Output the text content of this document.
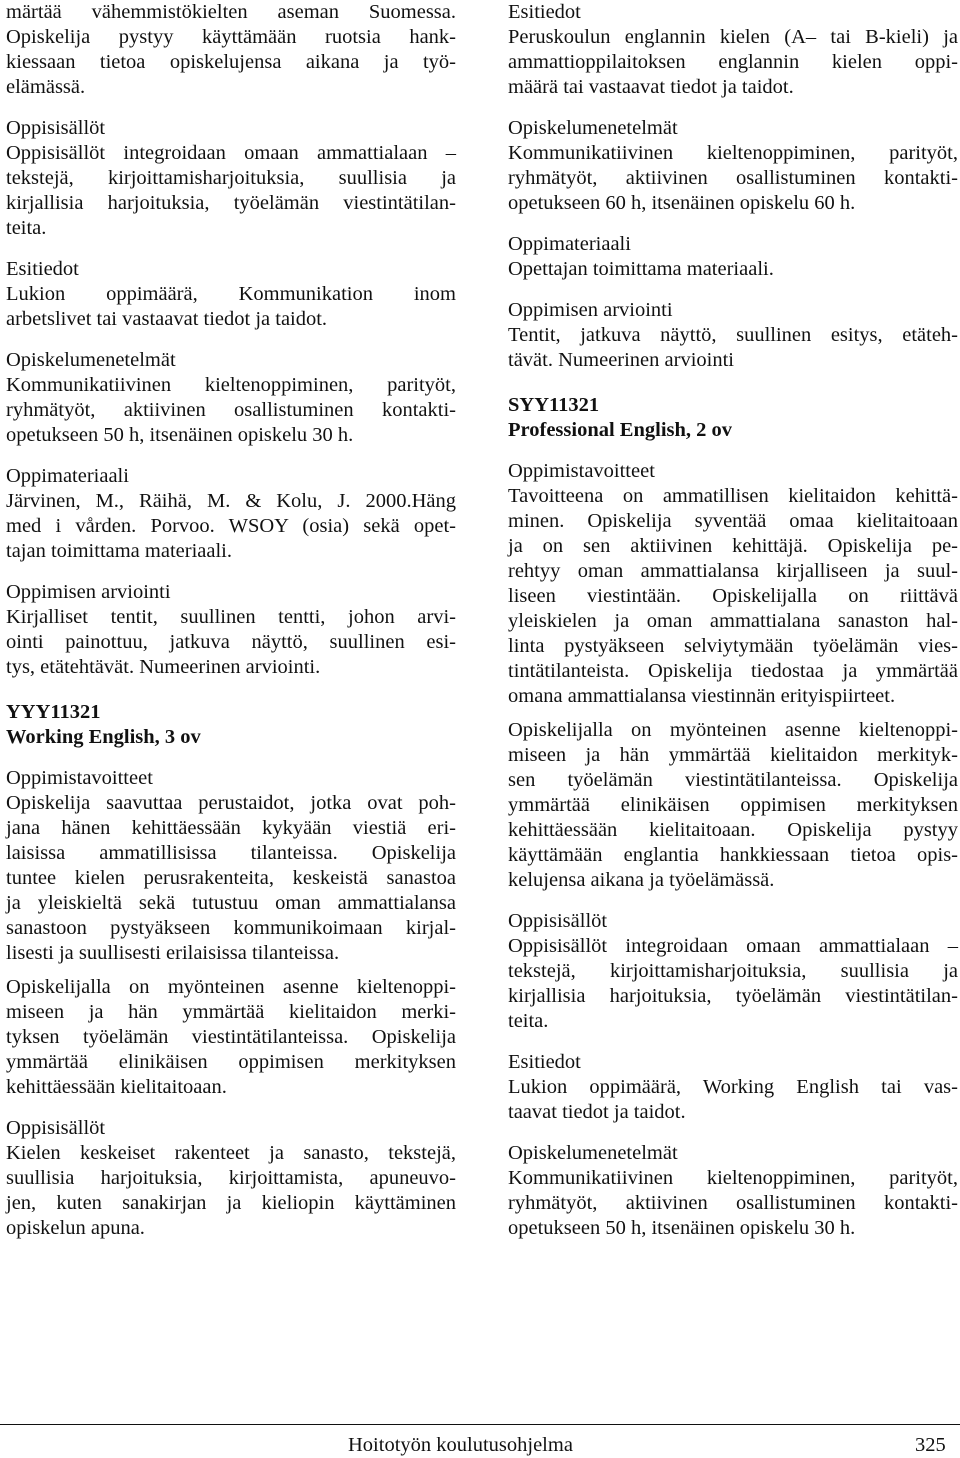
märtää vähemmistökielten aseman Suomessa.
Opiskelija pystyy käyttämään ruotsia hank-
kiessaan tietoa opiskelujensa aikana ja työ-
elämässä.
Oppisisällöt
Oppisisällöt integroidaan omaan ammattialaan –
tekstejä, kirjoittamisharjoituksia, suullisia ja
kirjallisia harjoituksia, työelämän viestintätilan-
teita.
Esitiedot
Lukion oppimäärä, Kommunikation inom
arbetslivet tai vastaavat tiedot ja taidot.
Opiskelumenetelmät
Kommunikatiivinen kieltenoppiminen, parityöt,
ryhmätyöt, aktiivinen osallistuminen kontakti-
opetukseen 50 h, itsenäinen opiskelu 30 h.
Oppimateriaali
Järvinen, M., Räihä, M. & Kolu, J. 2000.Häng
med i vården. Porvoo. WSOY (osia) sekä opet-
tajan toimittama materiaali.
Oppimisen arviointi
Kirjalliset tentit, suullinen tentti, johon arvi-
ointi painottuu, jatkuva näyttö, suullinen esi-
tys, etätehtävät. Numeerinen arviointi.
YYY11321
Working English, 3 ov
Oppimistavoitteet
Opiskelija saavuttaa perustaidot, jotka ovat poh-
jana hänen kehittäessään kykyään viestiä eri-
laisissa ammatillisissa tilanteissa. Opiskelija
tuntee kielen perusrakenteita, keskeistä sanastoa
ja yleiskieltä sekä tutustuu oman ammattialansa
sanastoon pystyäkseen kommunikoimaan kirjal-
lisesti ja suullisesti erilaisissa tilanteissa.
Opiskelijalla on myönteinen asenne kieltenoppi-
miseen ja hän ymmärtää kielitaidon merki-
tyksen työelämän viestintätilanteissa. Opiskelija
ymmärtää elinikäisen oppimisen merkityksen
kehittäessään kielitaitoaan.
Oppisisällöt
Kielen keskeiset rakenteet ja sanasto, tekstejä,
suullisia harjoituksia, kirjoittamista, apuneuvo-
jen, kuten sanakirjan ja kieliopin käyttäminen
opiskelun apuna.
Esitiedot
Peruskoulun englannin kielen (A– tai B-kieli) ja
ammattioppilaitoksen englannin kielen oppi-
määrä tai vastaavat tiedot ja taidot.
Opiskelumenetelmät
Kommunikatiivinen kieltenoppiminen, parityöt,
ryhmätyöt, aktiivinen osallistuminen kontakti-
opetukseen 60 h, itsenäinen opiskelu 60 h.
Oppimateriaali
Opettajan toimittama materiaali.
Oppimisen arviointi
Tentit, jatkuva näyttö, suullinen esitys, etäteh-
tävät. Numeerinen arviointi
SYY11321
Professional English, 2 ov
Oppimistavoitteet
Tavoitteena on ammatillisen kielitaidon kehittä-
minen. Opiskelija syventää omaa kielitaitoaan
ja on sen aktiivinen kehittäjä. Opiskelija pe-
rehtyy oman ammattialansa kirjalliseen ja suul-
liseen viestintään. Opiskelijalla on riittävä
yleiskielen ja oman ammattialana sanaston hal-
linta pystyäkseen selviytymään työelämän vies-
tintätilanteista. Opiskelija tiedostaa ja ymmärtää
omana ammattialansa viestinnän erityispiirteet.
Opiskelijalla on myönteinen asenne kieltenoppi-
miseen ja hän ymmärtää kielitaidon merkityk-
sen työelämän viestintätilanteissa. Opiskelija
ymmärtää elinikäisen oppimisen merkityksen
kehittäessään kielitaitoaan. Opiskelija pystyy
käyttämään englantia hankkiessaan tietoa opis-
kelujensa aikana ja työelämässä.
Oppisisällöt
Oppisisällöt integroidaan omaan ammattialaan –
tekstejä, kirjoittamisharjoituksia, suullisia ja
kirjallisia harjoituksia, työelämän viestintätilan-
teita.
Esitiedot
Lukion oppimäärä, Working English tai vas-
taavat tiedot ja taidot.
Opiskelumenetelmät
Kommunikatiivinen kieltenoppiminen, parityöt,
ryhmätyöt, aktiivinen osallistuminen kontakti-
opetukseen 50 h, itsenäinen opiskelu 30 h.
Hoitotyön koulutusohjelma	325
